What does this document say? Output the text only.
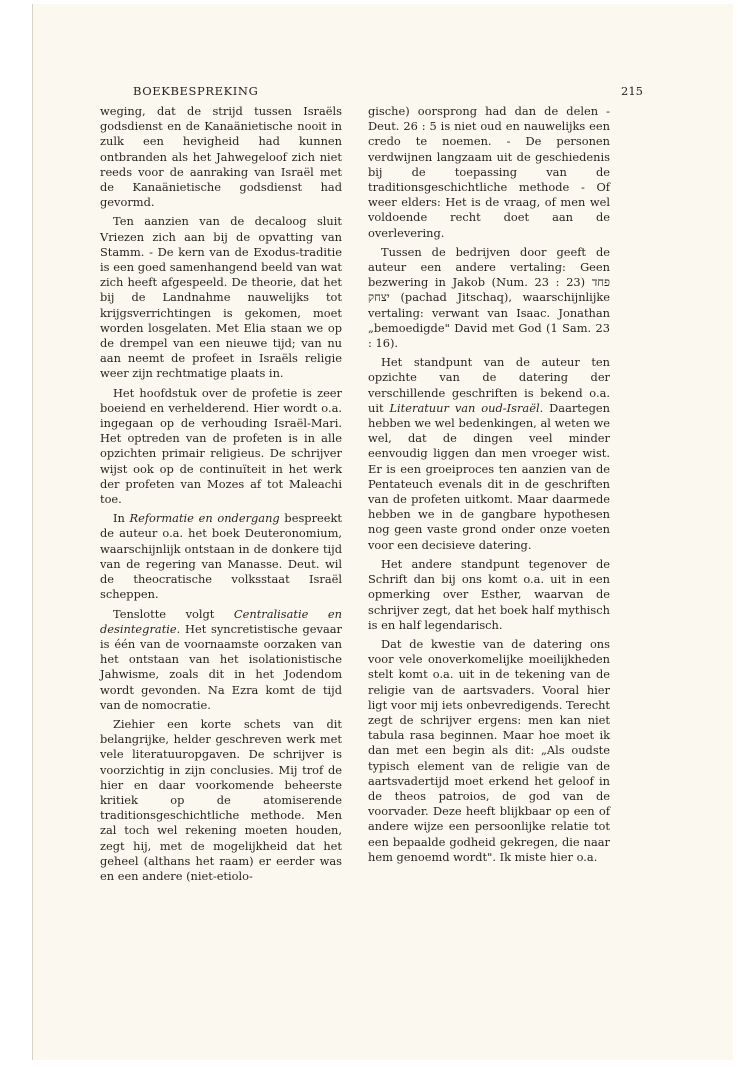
BOEKBESPREKING	215

weging, dat de strijd tussen Israëls godsdienst en de Kanaänietische nooit in zulk een hevigheid had kunnen ontbranden als het Jahwegeloof zich niet reeds voor de aanraking van Israël met de Kanaänietische godsdienst had gevormd.

Ten aanzien van de decaloog sluit Vriezen zich aan bij de opvatting van Stamm. - De kern van de Exodus-traditie is een goed samenhangend beeld van wat zich heeft afgespeeld. De theorie, dat het bij de Landnahme nauwelijks tot krijgsverrichtingen is gekomen, moet worden losgelaten. Met Elia staan we op de drempel van een nieuwe tijd; van nu aan neemt de profeet in Israëls religie weer zijn rechtmatige plaats in.

Het hoofdstuk over de profetie is zeer boeiend en verhelderend. Hier wordt o.a. ingegaan op de verhouding Israël-Mari. Het optreden van de profeten is in alle opzichten primair religieus. De schrijver wijst ook op de continuïteit in het werk der profeten van Mozes af tot Maleachi toe.

In Reformatie en ondergang bespreekt de auteur o.a. het boek Deuteronomium, waarschijnlijk ontstaan in de donkere tijd van de regering van Manasse. Deut. wil de theocratische volksstaat Israël scheppen.

Tenslotte volgt Centralisatie en desintegratie. Het syncretistische gevaar is één van de voornaamste oorzaken van het ontstaan van het isolationistische Jahwisme, zoals dit in het Jodendom wordt gevonden. Na Ezra komt de tijd van de nomocratie.

Ziehier een korte schets van dit belangrijke, helder geschreven werk met vele literatuuropgaven. De schrijver is voorzichtig in zijn conclusies. Mij trof de hier en daar voorkomende beheerste kritiek op de atomiserende traditionsgeschichtliche methode. Men zal toch wel rekening moeten houden, zegt hij, met de mogelijkheid dat het geheel (althans het raam) er eerder was en een andere (niet-etiolo-

gische) oorsprong had dan de delen - Deut. 26 : 5 is niet oud en nauwelijks een credo te noemen. - De personen verdwijnen langzaam uit de geschiedenis bij de toepassing van de traditionsgeschichtliche methode - Of weer elders: Het is de vraag, of men wel voldoende recht doet aan de overlevering.

Tussen de bedrijven door geeft de auteur een andere vertaling: Geen bezwering in Jakob (Num. 23 : 23) פחד יצחק (pachad Jitschaq), waarschijnlijke vertaling: verwant van Isaac. Jonathan „bemoedigde" David met God (1 Sam. 23 : 16).

Het standpunt van de auteur ten opzichte van de datering der verschillende geschriften is bekend o.a. uit Literatuur van oud-Israël. Daartegen hebben we wel bedenkingen, al weten we wel, dat de dingen veel minder eenvoudig liggen dan men vroeger wist. Er is een groeiproces ten aanzien van de Pentateuch evenals dit in de geschriften van de profeten uitkomt. Maar daarmede hebben we in de gangbare hypothesen nog geen vaste grond onder onze voeten voor een decisieve datering.

Het andere standpunt tegenover de Schrift dan bij ons komt o.a. uit in een opmerking over Esther, waarvan de schrijver zegt, dat het boek half mythisch is en half legendarisch.

Dat de kwestie van de datering ons voor vele onoverkomelijke moeilijkheden stelt komt o.a. uit in de tekening van de religie van de aartsvaders. Vooral hier ligt voor mij iets onbevredigends. Terecht zegt de schrijver ergens: men kan niet tabula rasa beginnen. Maar hoe moet ik dan met een begin als dit: „Als oudste typisch element van de religie van de aartsvadertijd moet erkend het geloof in de theos patroios, de god van de voorvader. Deze heeft blijkbaar op een of andere wijze een persoonlijke relatie tot een bepaalde godheid gekregen, die naar hem genoemd wordt". Ik miste hier o.a.
